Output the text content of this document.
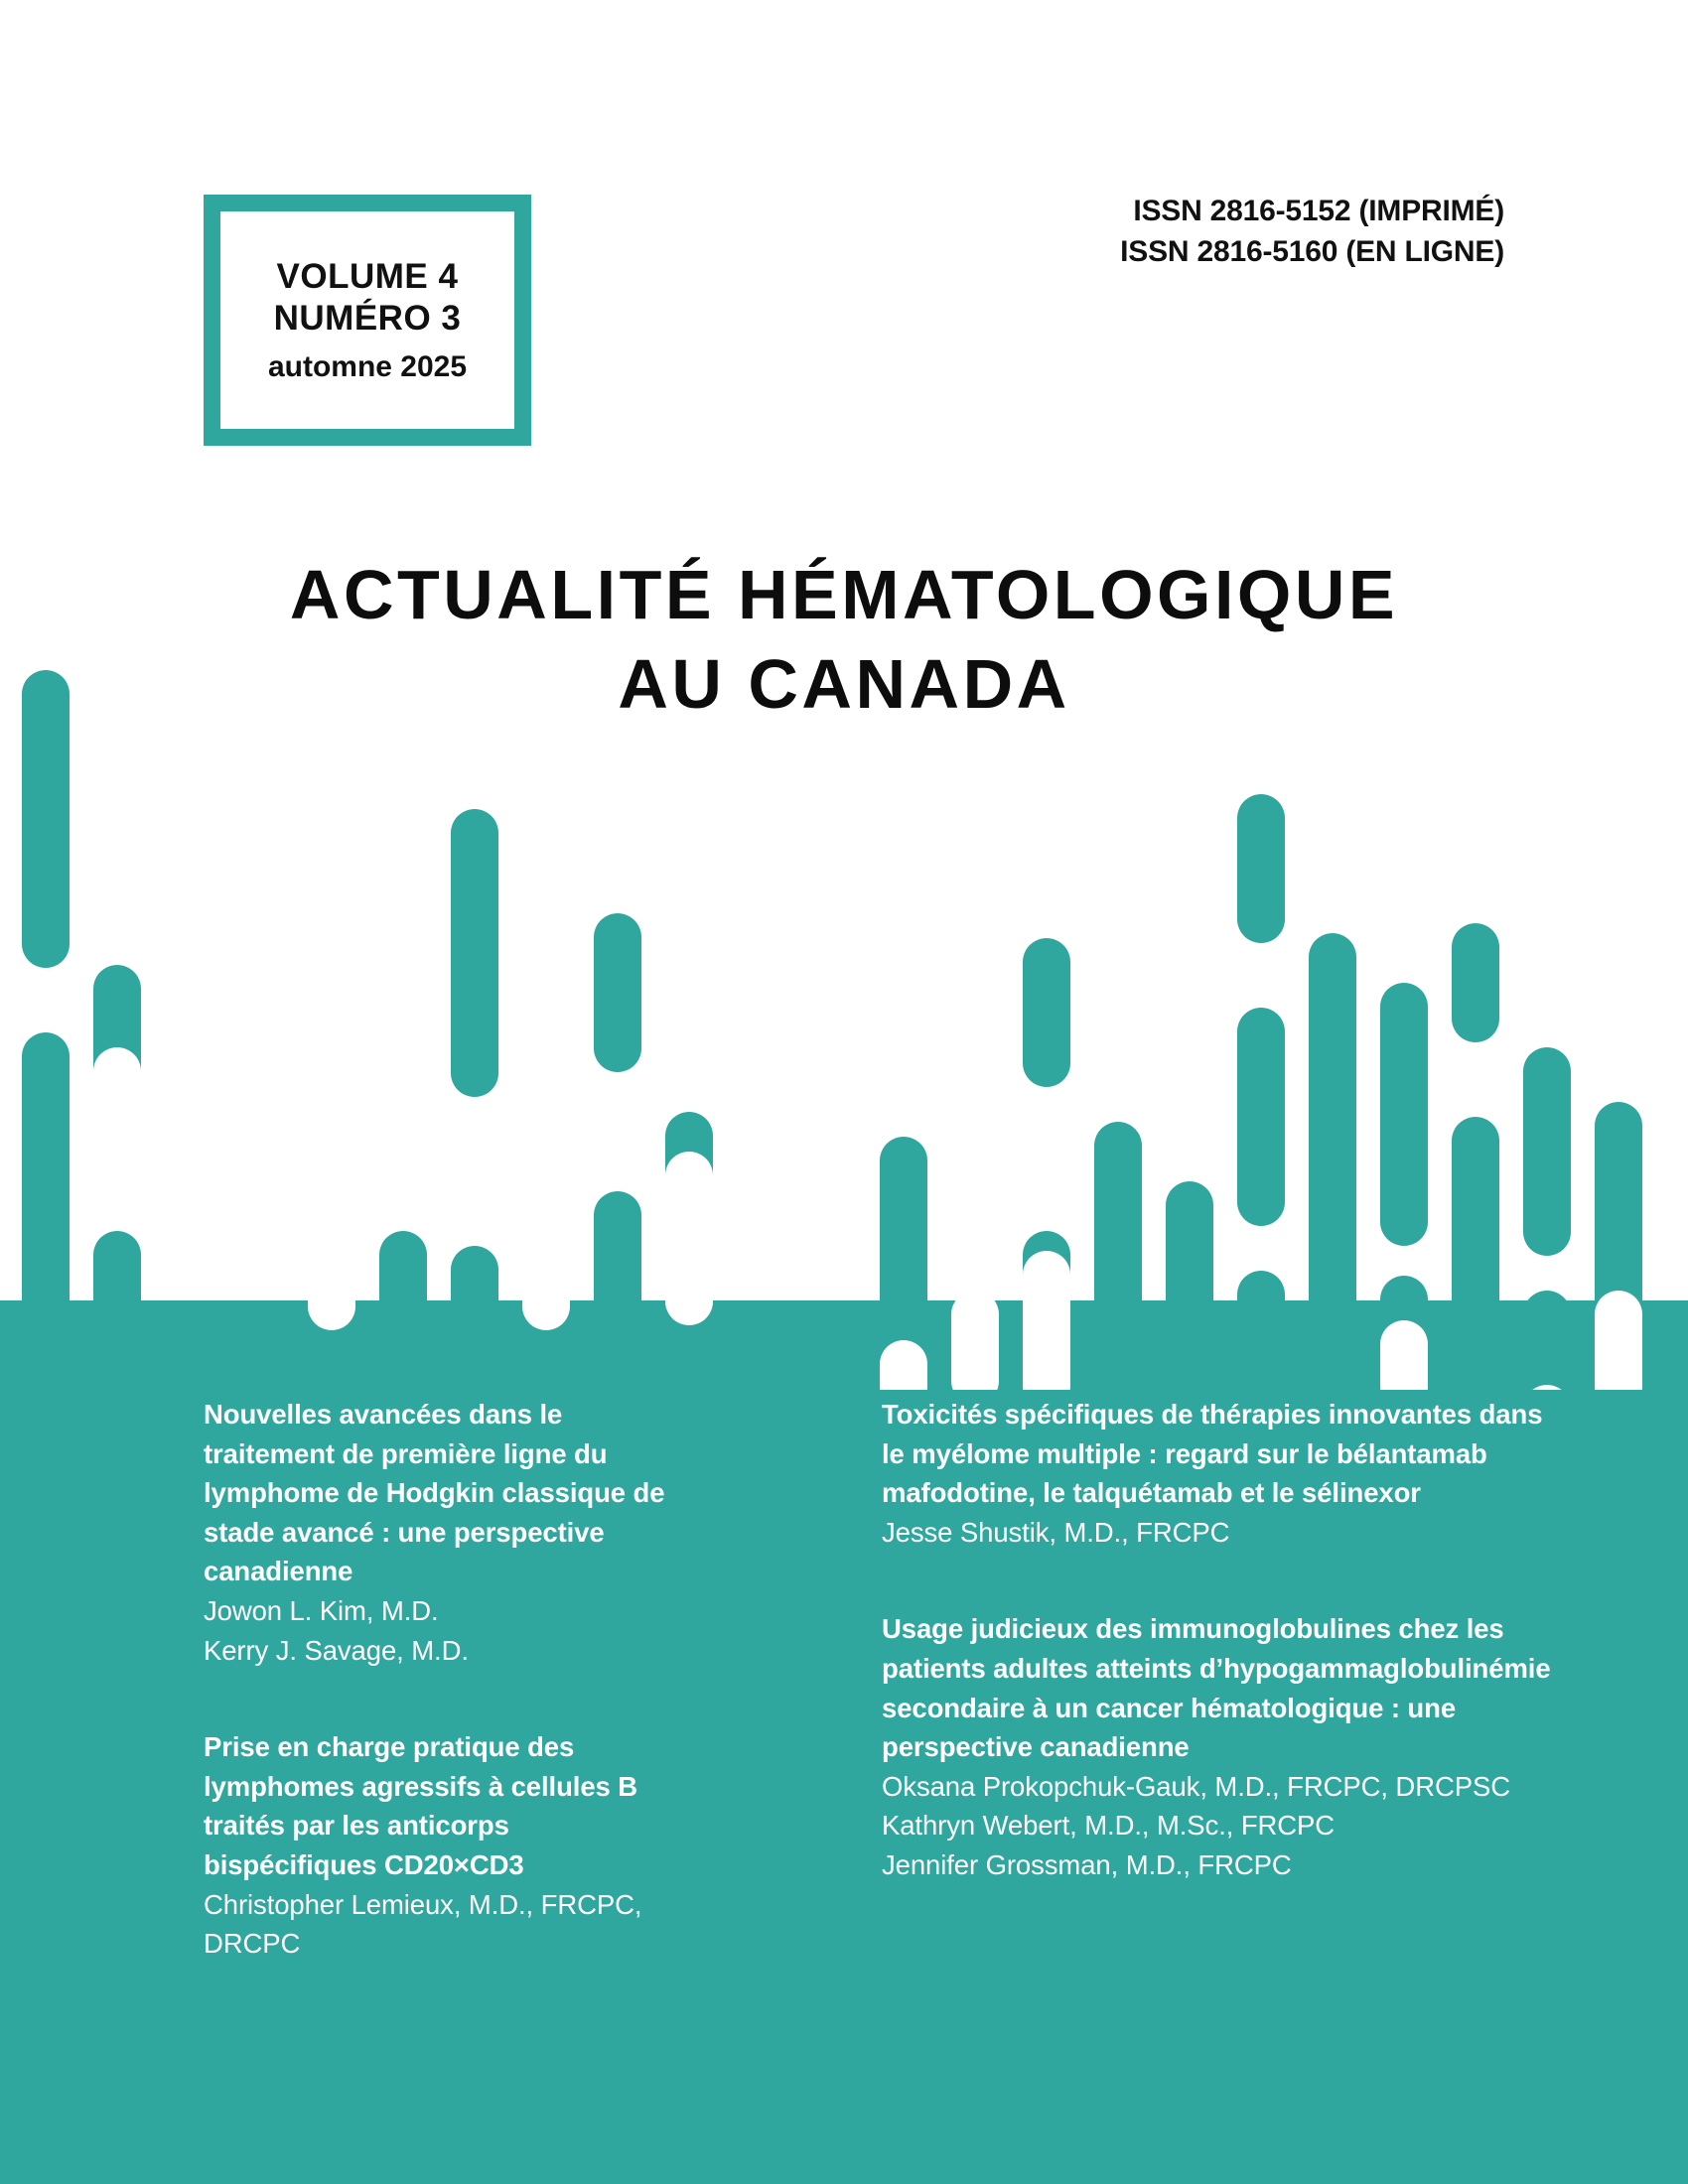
VOLUME 4
NUMÉRO 3
automne 2025
ISSN 2816-5152 (IMPRIMÉ)
ISSN 2816-5160 (EN LIGNE)
ACTUALITÉ HÉMATOLOGIQUE
AU CANADA
Nouvelles avancées dans le traitement de première ligne du lymphome de Hodgkin classique de stade avancé : une perspective canadienne
Jowon L. Kim, M.D.
Kerry J. Savage, M.D.
Prise en charge pratique des lymphomes agressifs à cellules B traités par les anticorps bispécifiques CD20×CD3
Christopher Lemieux, M.D., FRCPC, DRCPC
Toxicités spécifiques de thérapies innovantes dans le myélome multiple : regard sur le bélantamab mafodotine, le talquétamab et le sélinexor
Jesse Shustik, M.D., FRCPC
Usage judicieux des immunoglobulines chez les patients adultes atteints d’hypogammaglobulinémie secondaire à un cancer hématologique : une perspective canadienne
Oksana Prokopchuk-Gauk, M.D., FRCPC, DRCPSC
Kathryn Webert, M.D., M.Sc., FRCPC
Jennifer Grossman, M.D., FRCPC
